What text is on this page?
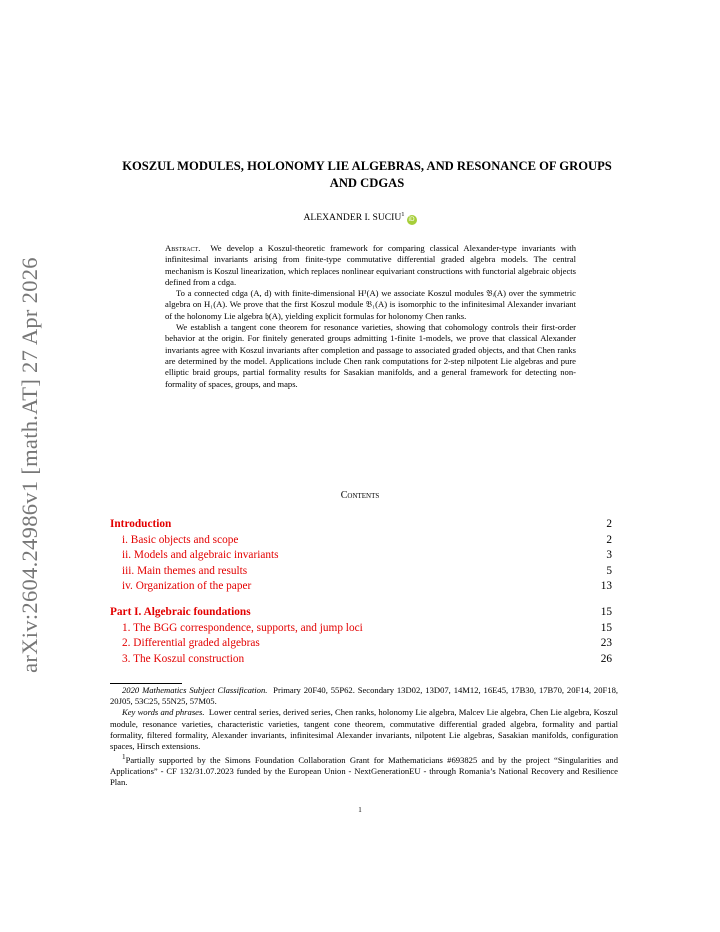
arXiv:2604.24986v1 [math.AT] 27 Apr 2026
KOSZUL MODULES, HOLONOMY LIE ALGEBRAS, AND RESONANCE OF GROUPS AND CDGAS
ALEXANDER I. SUCIU$^1$iD

Abstract. We develop a Koszul-theoretic framework for comparing classical Alexander-type invariants with infinitesimal invariants arising from finite-type commutative differential graded algebra models. The central mechanism is Koszul linearization, which replaces nonlinear equivariant constructions with functorial algebraic objects defined from a cdga.

To a connected cdga (A, d) with finite-dimensional H¹(A) we associate Koszul modules 𝔅ᵢ(A) over the symmetric algebra on H₁(A). We prove that the first Koszul module 𝔅₁(A) is isomorphic to the infinitesimal Alexander invariant of the holonomy Lie algebra 𝔥(A), yielding explicit formulas for holonomy Chen ranks.

We establish a tangent cone theorem for resonance varieties, showing that cohomology controls their first-order behavior at the origin. For finitely generated groups admitting 1-finite 1-models, we prove that classical Alexander invariants agree with Koszul invariants after completion and passage to associated graded objects, and that Chen ranks are determined by the model. Applications include Chen rank computations for 2-step nilpotent Lie algebras and pure elliptic braid groups, partial formality results for Sasakian manifolds, and a general framework for detecting non-formality of spaces, groups, and maps.

Contents
Introduction	2
i. Basic objects and scope	2
ii. Models and algebraic invariants	3
iii. Main themes and results	5
iv. Organization of the paper	13
Part I. Algebraic foundations	15
1. The BGG correspondence, supports, and jump loci	15
2. Differential graded algebras	23
3. The Koszul construction	26

2020 Mathematics Subject Classification. Primary 20F40, 55P62. Secondary 13D02, 13D07, 14M12, 16E45, 17B30, 17B70, 20F14, 20F18, 20J05, 53C25, 55N25, 57M05.

Key words and phrases. Lower central series, derived series, Chen ranks, holonomy Lie algebra, Malcev Lie algebra, Chen Lie algebra, Koszul module, resonance varieties, characteristic varieties, tangent cone theorem, commutative differential graded algebra, formality and partial formality, filtered formality, Alexander invariants, infinitesimal Alexander invariants, nilpotent Lie algebras, Sasakian manifolds, configuration spaces, Hirsch extensions.

$^1$Partially supported by the Simons Foundation Collaboration Grant for Mathematicians #693825 and by the project “Singularities and Applications” - CF 132/31.07.2023 funded by the European Union - NextGenerationEU - through Romania’s National Recovery and Resilience Plan.

1
